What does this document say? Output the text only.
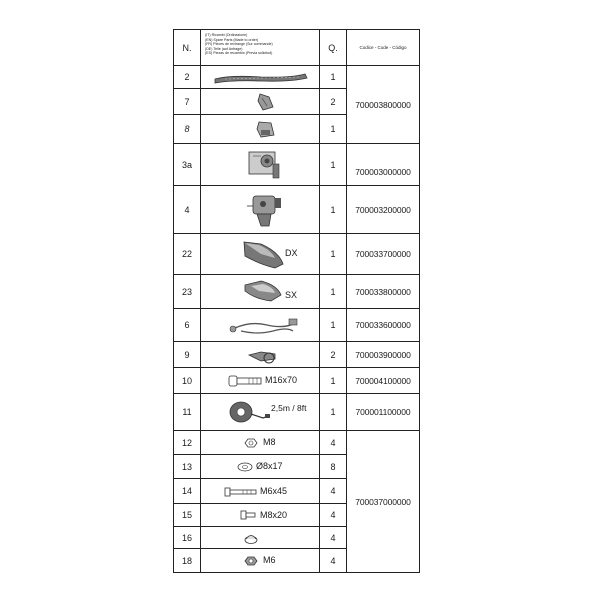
N.	(IT) Ricambi (Ordinazione)
(EN) Spare Parts (Made to order)
(FR) Pièces de rechange (Sur commande)
(DE) Teile (auf Anfrage)
(ES) Piezas de recambio (Previa solicitud)	Q.	Codice - Code - Código
2		1	700003800000
7		2	
8		1	
3a		1	700003000000
4		1	700003200000
22	DX	1	700033700000
23	SX	1	700033800000
6		1	700033600000
9		2	700003900000
10	M16x70	1	700004100000
11	2,5m / 8ft	1	700001100000
12	M8	4	700037000000
13	Ø8x17	8	
14	M6x45	4	
15	M8x20	4	
16		4	
18	M6	4	
